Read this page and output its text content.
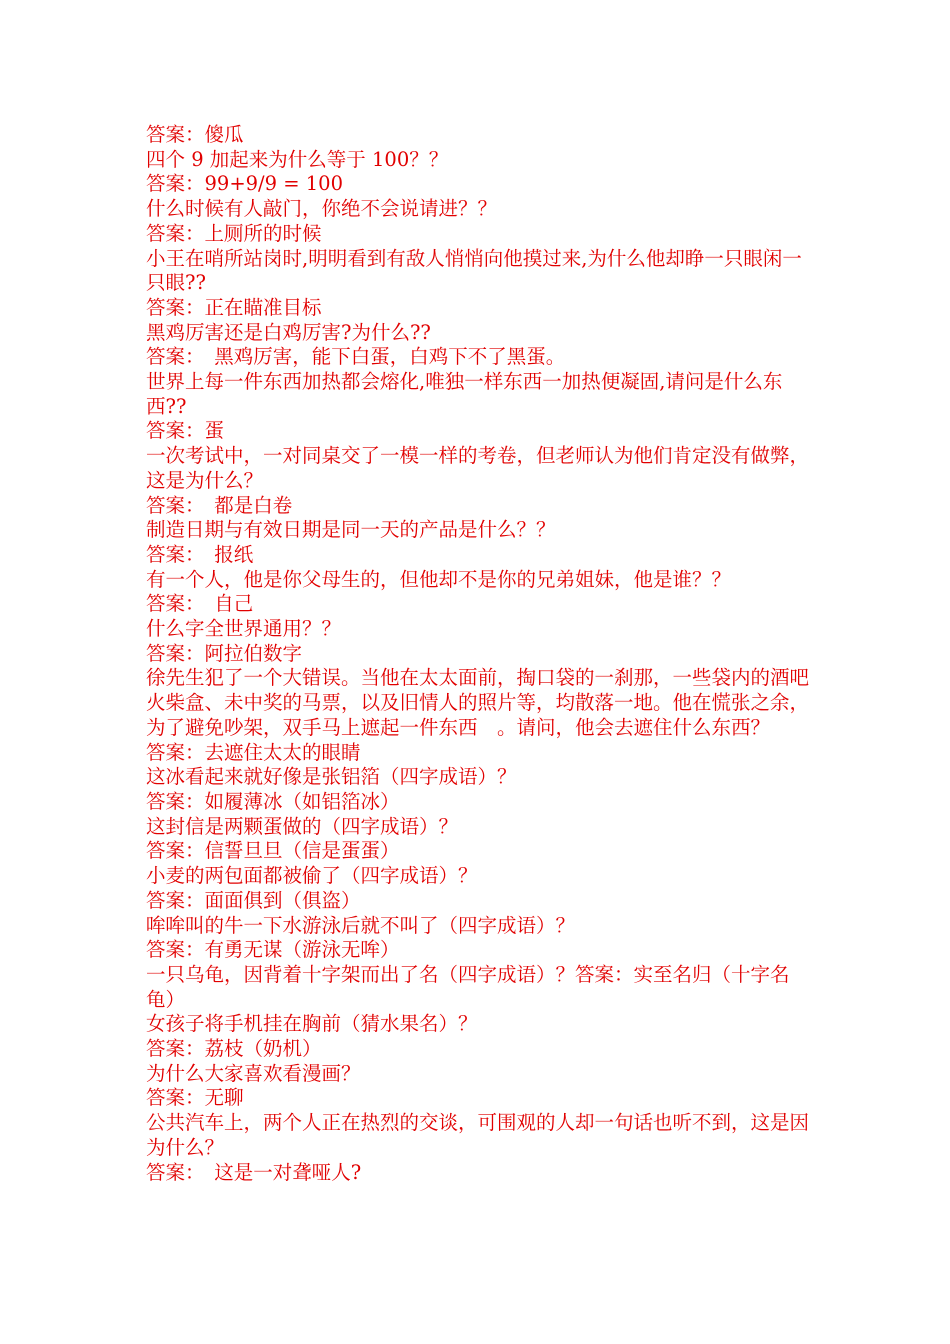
答案：傻瓜

四个 9 加起来为什么等于 100？？

答案：99+9/9 = 100

什么时候有人敲门，你绝不会说请进？？

答案：上厕所的时候

小王在哨所站岗时,明明看到有敌人悄悄向他摸过来,为什么他却睁一只眼闲一只眼??

答案：正在瞄准目标

黑鸡厉害还是白鸡厉害?为什么??

答案：　黑鸡厉害，能下白蛋，白鸡下不了黑蛋。

世界上每一件东西加热都会熔化,唯独一样东西一加热便凝固,请问是什么东西??

答案：蛋

一次考试中，一对同桌交了一模一样的考卷，但老师认为他们肯定没有做弊，这是为什么？

答案：　都是白卷

制造日期与有效日期是同一天的产品是什么？？

答案：　报纸

有一个人，他是你父母生的，但他却不是你的兄弟姐妹，他是谁？？

答案：　自己

什么字全世界通用？？

答案：阿拉伯数字

徐先生犯了一个大错误。当他在太太面前，掏口袋的一刹那，一些袋内的酒吧火柴盒、未中奖的马票，以及旧情人的照片等，均散落一地。他在慌张之余，为了避免吵架，双手马上遮起一件东西　。请问，他会去遮住什么东西？

答案：去遮住太太的眼睛

这冰看起来就好像是张铝箔（四字成语）？

答案：如履薄冰（如铝箔冰）

这封信是两颗蛋做的（四字成语）？

答案：信誓旦旦（信是蛋蛋）

小麦的两包面都被偷了（四字成语）？

答案：面面俱到（俱盗）

哞哞叫的牛一下水游泳后就不叫了（四字成语）？

答案：有勇无谋（游泳无哞）

一只乌龟，因背着十字架而出了名（四字成语）？答案：实至名归（十字名龟）

女孩子将手机挂在胸前（猜水果名）？

答案：荔枝（奶机）

为什么大家喜欢看漫画？

答案：无聊

公共汽车上，两个人正在热烈的交谈，可围观的人却一句话也听不到，这是因为什么？

答案：　这是一对聋哑人?
